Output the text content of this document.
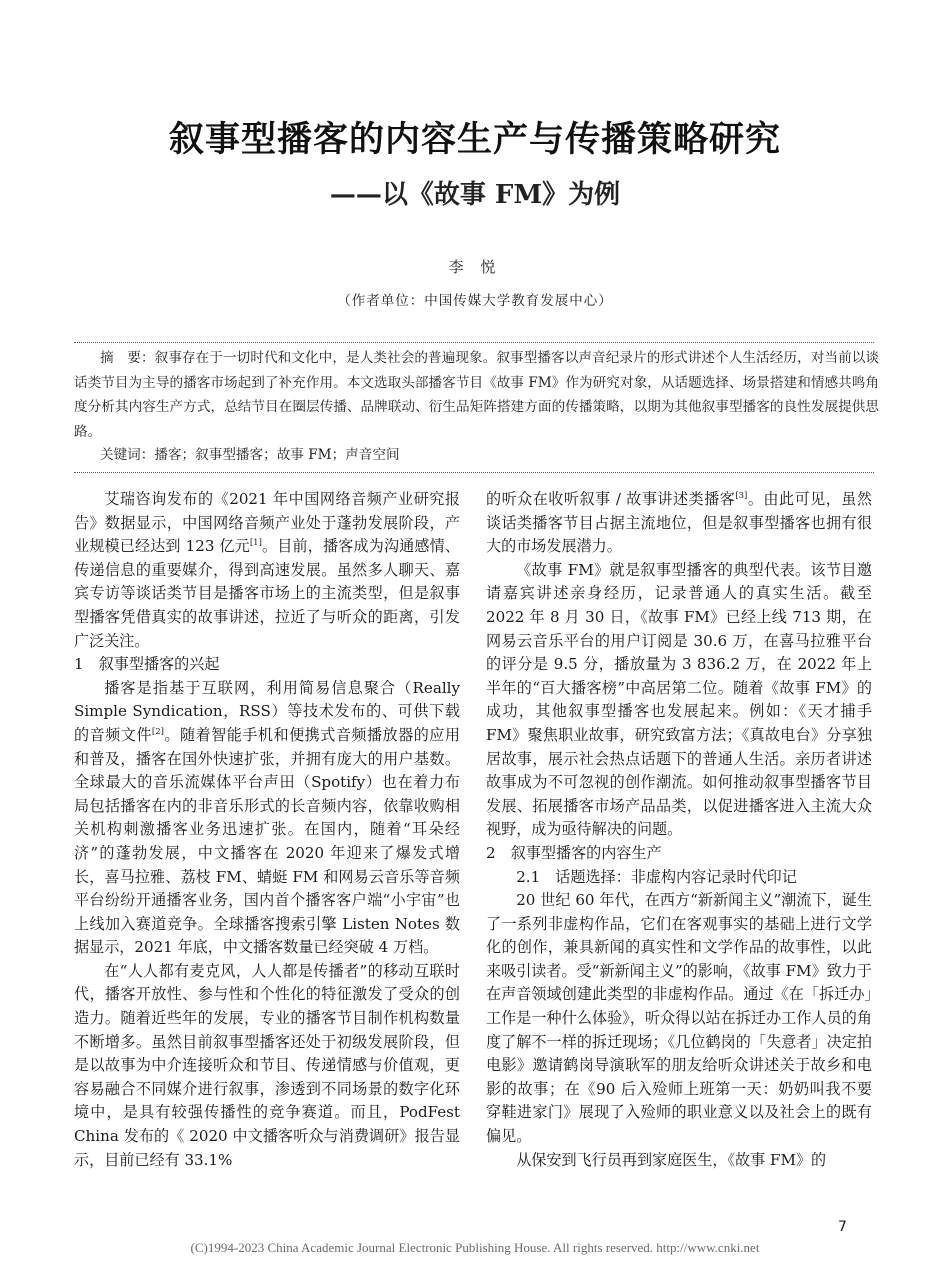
叙事型播客的内容生产与传播策略研究
——以《故事 FM》为例
李 悦
（作者单位：中国传媒大学教育发展中心）

摘　要：叙事存在于一切时代和文化中，是人类社会的普遍现象。叙事型播客以声音纪录片的形式讲述个人生活经历，对当前以谈话类节目为主导的播客市场起到了补充作用。本文选取头部播客节目《故事 FM》作为研究对象，从话题选择、场景搭建和情感共鸣角度分析其内容生产方式，总结节目在圈层传播、品牌联动、衍生品矩阵搭建方面的传播策略，以期为其他叙事型播客的良性发展提供思路。

关键词：播客；叙事型播客；故事 FM；声音空间

艾瑞咨询发布的《2021 年中国网络音频产业研究报告》数据显示，中国网络音频产业处于蓬勃发展阶段，产业规模已经达到 123 亿元[1]。目前，播客成为沟通感情、传递信息的重要媒介，得到高速发展。虽然多人聊天、嘉宾专访等谈话类节目是播客市场上的主流类型，但是叙事型播客凭借真实的故事讲述，拉近了与听众的距离，引发广泛关注。

1　叙事型播客的兴起

播客是指基于互联网，利用简易信息聚合（Really Simple Syndication，RSS）等技术发布的、可供下载的音频文件[2]。随着智能手机和便携式音频播放器的应用和普及，播客在国外快速扩张，并拥有庞大的用户基数。全球最大的音乐流媒体平台声田（Spotify）也在着力布局包括播客在内的非音乐形式的长音频内容，依靠收购相关机构刺激播客业务迅速扩张。在国内，随着“耳朵经济”的蓬勃发展，中文播客在 2020 年迎来了爆发式增长，喜马拉雅、荔枝 FM、蜻蜓 FM 和网易云音乐等音频平台纷纷开通播客业务，国内首个播客客户端“小宇宙”也上线加入赛道竞争。全球播客搜索引擎 Listen Notes 数据显示，2021 年底，中文播客数量已经突破 4 万档。

在“人人都有麦克风，人人都是传播者”的移动互联时代，播客开放性、参与性和个性化的特征激发了受众的创造力。随着近些年的发展，专业的播客节目制作机构数量不断增多。虽然目前叙事型播客还处于初级发展阶段，但是以故事为中介连接听众和节目、传递情感与价值观，更容易融合不同媒介进行叙事，渗透到不同场景的数字化环境中，是具有较强传播性的竞争赛道。而且，PodFest China 发布的《 2020 中文播客听众与消费调研》报告显示，目前已经有 33.1%

的听众在收听叙事 / 故事讲述类播客[3]。由此可见，虽然谈话类播客节目占据主流地位，但是叙事型播客也拥有很大的市场发展潜力。

《故事 FM》就是叙事型播客的典型代表。该节目邀请嘉宾讲述亲身经历，记录普通人的真实生活。截至 2022 年 8 月 30 日，《故事 FM》已经上线 713 期，在网易云音乐平台的用户订阅是 30.6 万，在喜马拉雅平台的评分是 9.5 分，播放量为 3 836.2 万，在 2022 年上半年的“百大播客榜”中高居第二位。随着《故事 FM》的成功，其他叙事型播客也发展起来。例如：《天才捕手 FM》聚焦职业故事，研究致富方法；《真故电台》分享独居故事，展示社会热点话题下的普通人生活。亲历者讲述故事成为不可忽视的创作潮流。如何推动叙事型播客节目发展、拓展播客市场产品品类，以促进播客进入主流大众视野，成为亟待解决的问题。

2　叙事型播客的内容生产
2.1　话题选择：非虚构内容记录时代印记

20 世纪 60 年代，在西方“新新闻主义”潮流下，诞生了一系列非虚构作品，它们在客观事实的基础上进行文学化的创作，兼具新闻的真实性和文学作品的故事性，以此来吸引读者。受“新新闻主义”的影响，《故事 FM》致力于在声音领域创建此类型的非虚构作品。通过《在「拆迁办」工作是一种什么体验》，听众得以站在拆迁办工作人员的角度了解不一样的拆迁现场；《几位鹤岗的「失意者」决定拍电影》邀请鹤岗导演耿军的朋友给听众讲述关于故乡和电影的故事；在《90 后入殓师上班第一天：奶奶叫我不要穿鞋进家门》展现了入殓师的职业意义以及社会上的既有偏见。

从保安到飞行员再到家庭医生，《故事 FM》的

7
(C)1994-2023 China Academic Journal Electronic Publishing House. All rights reserved. http://www.cnki.net
